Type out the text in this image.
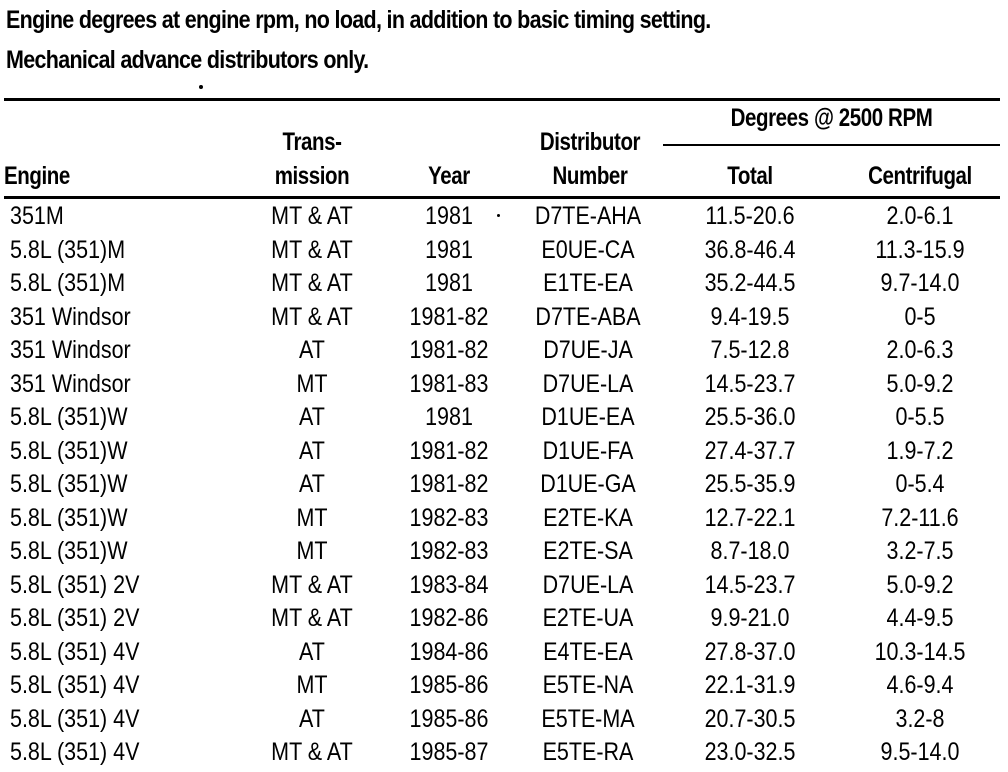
Engine degrees at engine rpm, no load, in addition to basic timing setting.
Mechanical advance distributors only.
Engine
Trans-
mission	Year
Distributor
Number
Degrees @ 2500 RPM
Total	Centrifugal
351M	MT & AT	1981	D7TE-AHA	11.5-20.6	2.0-6.1
5.8L (351)M	MT & AT	1981	E0UE-CA	36.8-46.4	11.3-15.9
5.8L (351)M	MT & AT	1981	E1TE-EA	35.2-44.5	9.7-14.0
351 Windsor	MT & AT	1981-82	D7TE-ABA	9.4-19.5	0-5
351 Windsor	AT	1981-82	D7UE-JA	7.5-12.8	2.0-6.3
351 Windsor	MT	1981-83	D7UE-LA	14.5-23.7	5.0-9.2
5.8L (351)W	AT	1981	D1UE-EA	25.5-36.0	0-5.5
5.8L (351)W	AT	1981-82	D1UE-FA	27.4-37.7	1.9-7.2
5.8L (351)W	AT	1981-82	D1UE-GA	25.5-35.9	0-5.4
5.8L (351)W	MT	1982-83	E2TE-KA	12.7-22.1	7.2-11.6
5.8L (351)W	MT	1982-83	E2TE-SA	8.7-18.0	3.2-7.5
5.8L (351) 2V	MT & AT	1983-84	D7UE-LA	14.5-23.7	5.0-9.2
5.8L (351) 2V	MT & AT	1982-86	E2TE-UA	9.9-21.0	4.4-9.5
5.8L (351) 4V	AT	1984-86	E4TE-EA	27.8-37.0	10.3-14.5
5.8L (351) 4V	MT	1985-86	E5TE-NA	22.1-31.9	4.6-9.4
5.8L (351) 4V	AT	1985-86	E5TE-MA	20.7-30.5	3.2-8
5.8L (351) 4V	MT & AT	1985-87	E5TE-RA	23.0-32.5	9.5-14.0
